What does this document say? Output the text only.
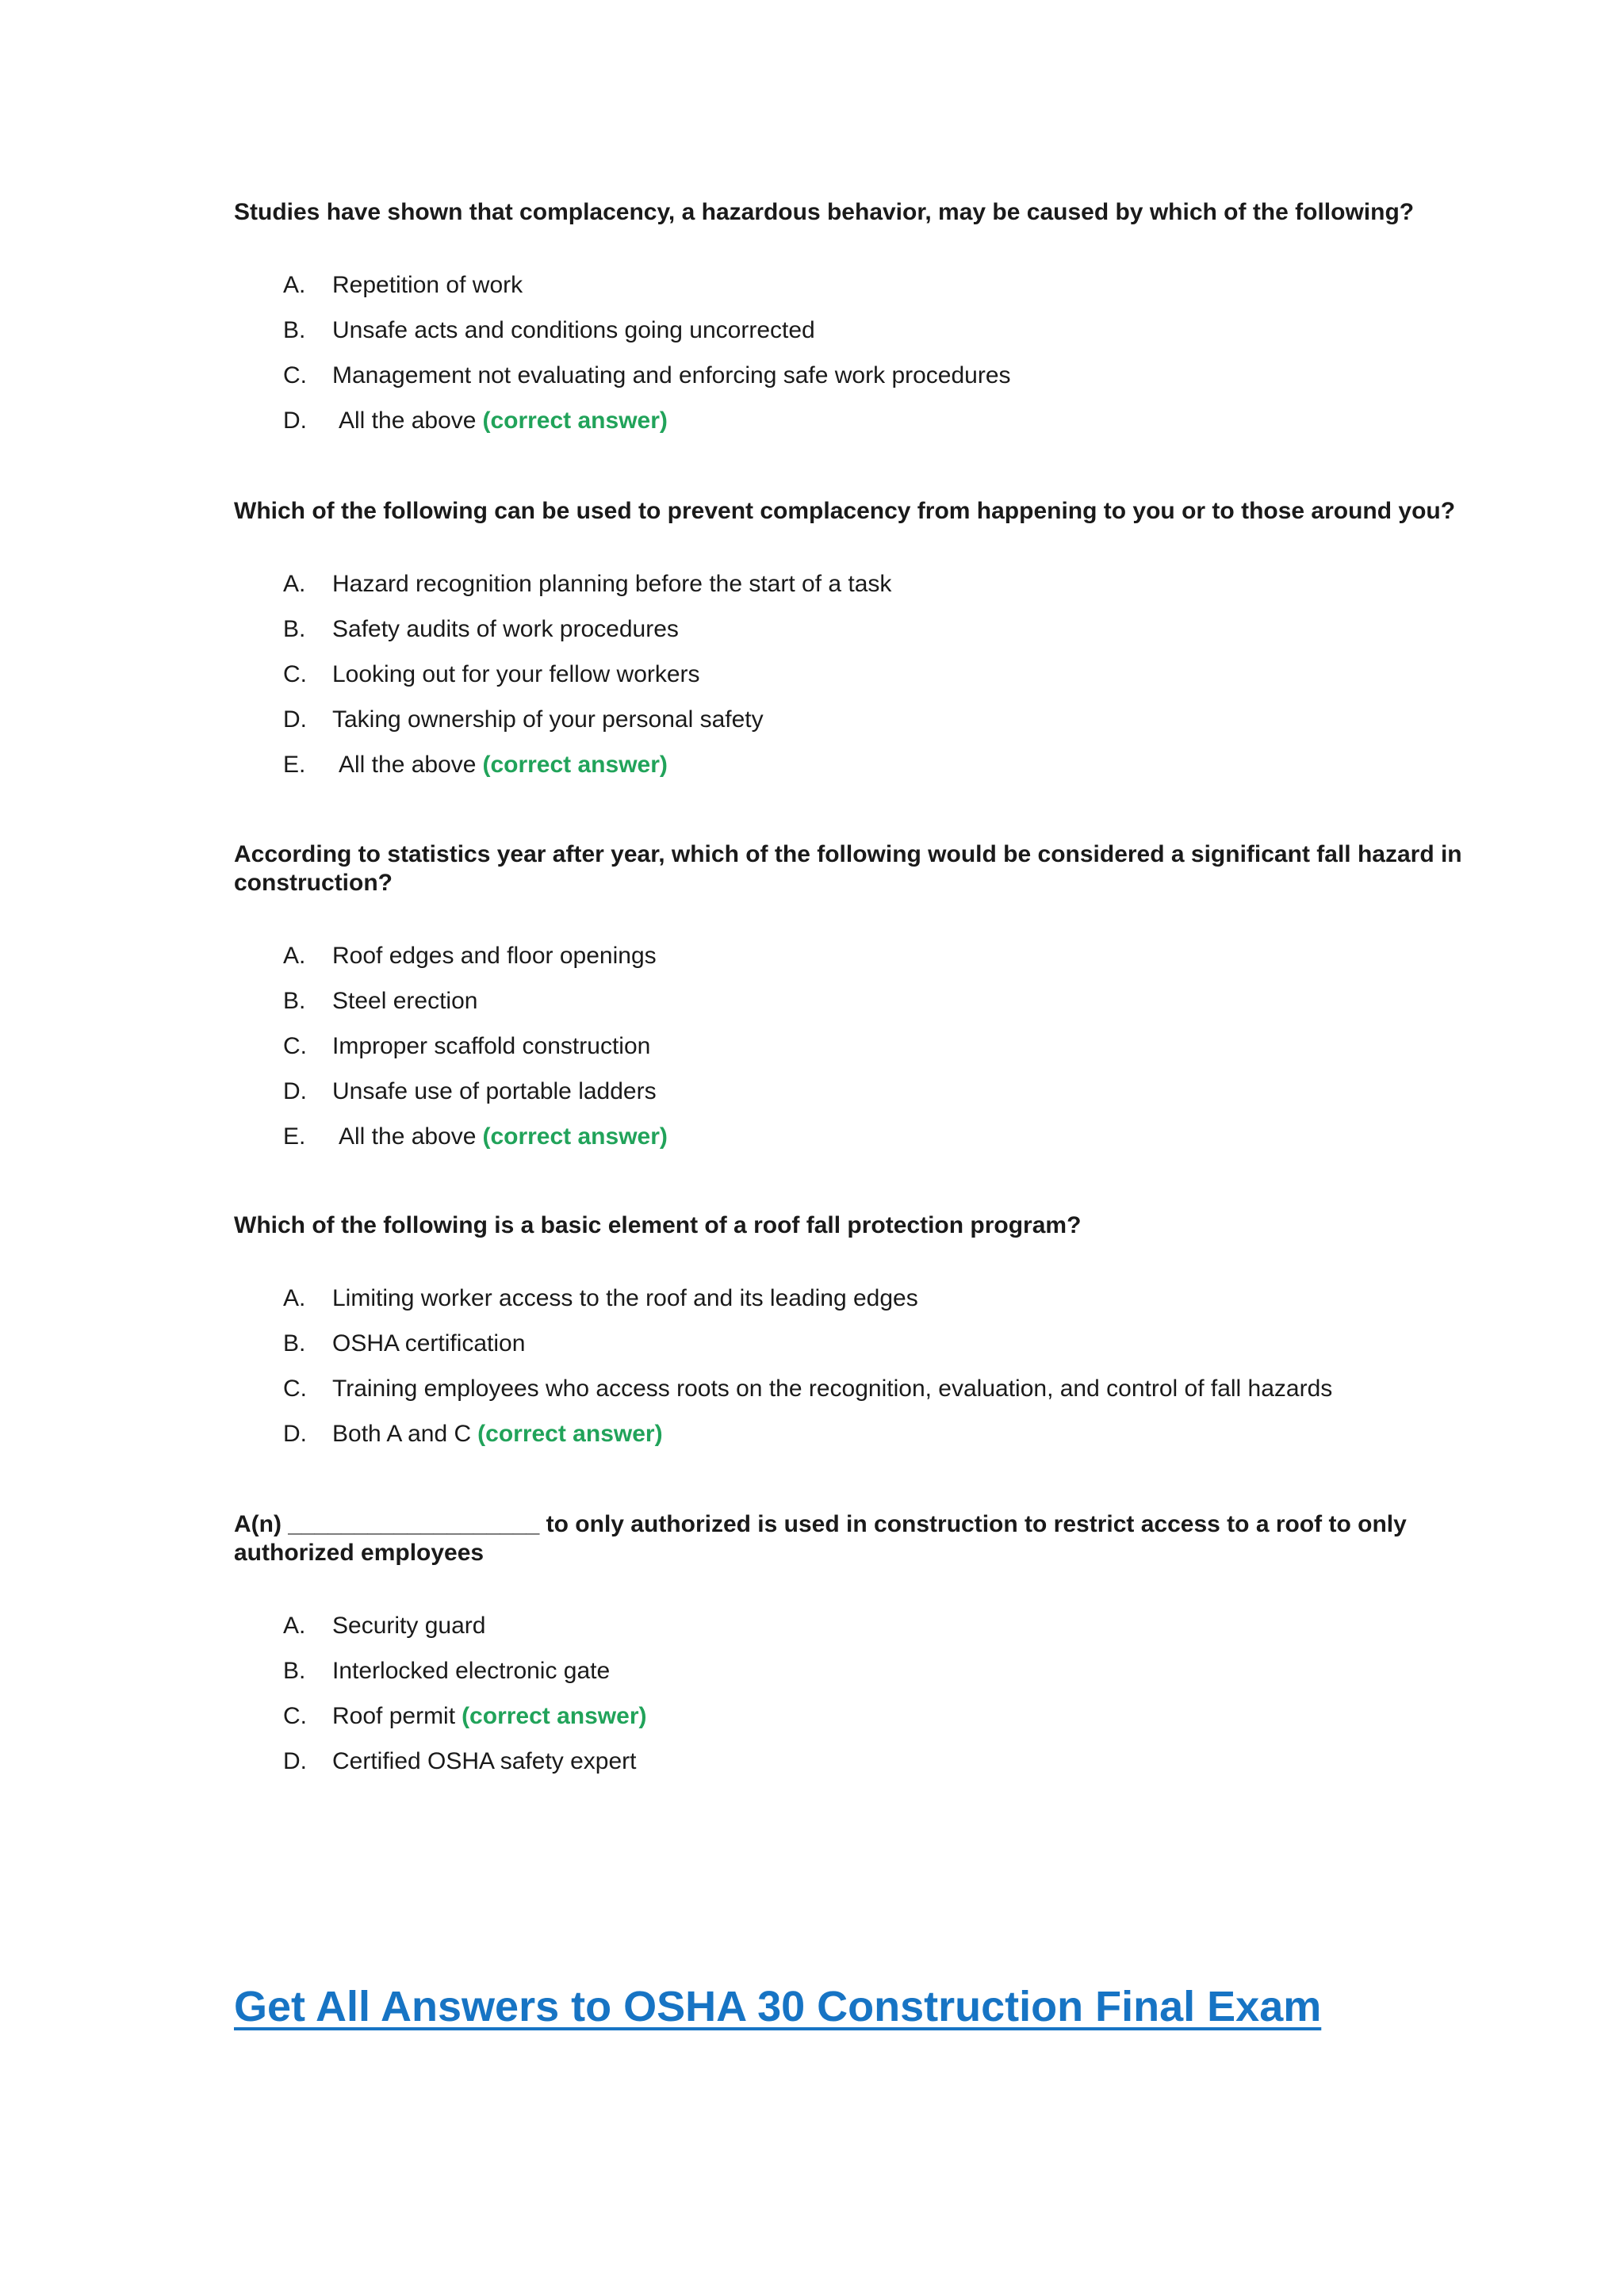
Studies have shown that complacency, a hazardous behavior, may be caused by which of the following?

A.	Repetition of work
B.	Unsafe acts and conditions going uncorrected
C.	Management not evaluating and enforcing safe work procedures
D.	All the above (correct answer)

Which of the following can be used to prevent complacency from happening to you or to those around you?

A.	Hazard recognition planning before the start of a task
B.	Safety audits of work procedures
C.	Looking out for your fellow workers
D.	Taking ownership of your personal safety
E.	All the above (correct answer)

According to statistics year after year, which of the following would be considered a significant fall hazard in construction?

A.	Roof edges and floor openings
B.	Steel erection
C.	Improper scaffold construction
D.	Unsafe use of portable ladders
E.	All the above (correct answer)

Which of the following is a basic element of a roof fall protection program?

A.	Limiting worker access to the roof and its leading edges
B.	OSHA certification
C.	Training employees who access roots on the recognition, evaluation, and control of fall hazards
D.	Both A and C (correct answer)

A(n) ___________________ to only authorized is used in construction to restrict access to a roof to only authorized employees

A.	Security guard
B.	Interlocked electronic gate
C.	Roof permit (correct answer)
D.	Certified OSHA safety expert
Get All Answers to OSHA 30 Construction Final Exam
